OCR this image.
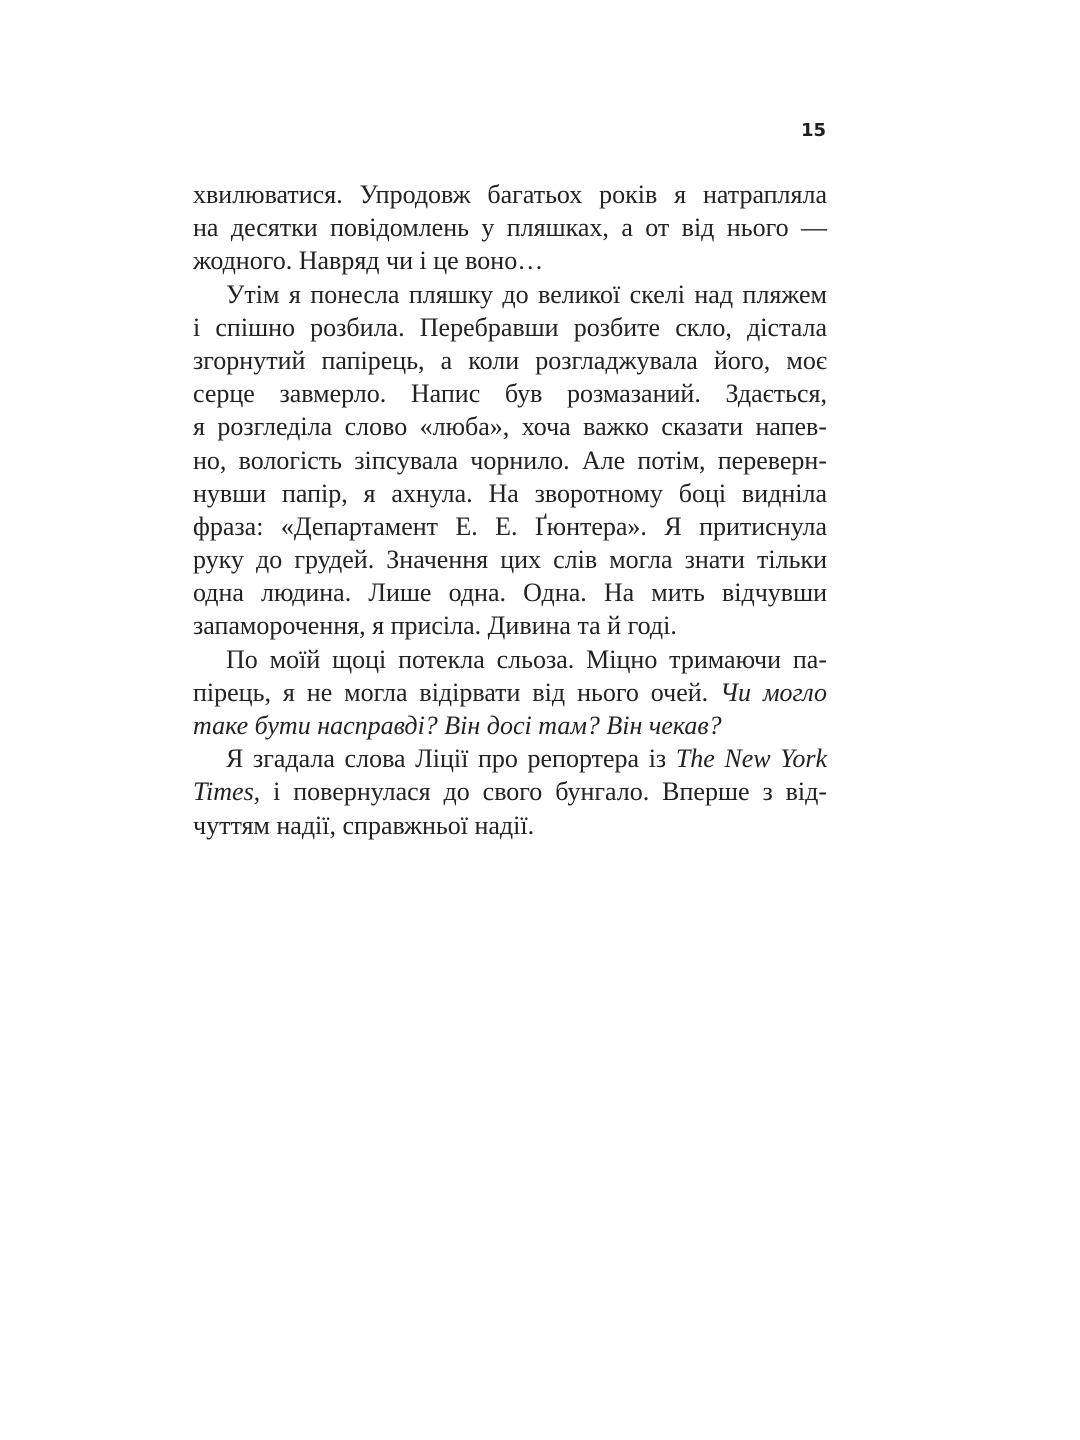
15
хвилюватися. Упродовж багатьох років я натрапляла
на десятки повідомлень у пляшках, а от від нього —
жодного. Навряд чи і це воно…
Утім я понесла пляшку до великої скелі над пляжем
і спішно розбила. Перебравши розбите скло, дістала
згорнутий папірець, а коли розгладжувала його, моє
серце завмерло. Напис був розмазаний. Здається,
я розгледіла слово «люба», хоча важко сказати напев-
но, вологість зіпсувала чорнило. Але потім, переверн-
нувши папір, я ахнула. На зворотному боці видніла
фраза: «Департамент Е. Е. Ґюнтера». Я притиснула
руку до грудей. Значення цих слів могла знати тільки
одна людина. Лише одна. Одна. На мить відчувши
запаморочення, я присіла. Дивина та й годі.
По моїй щоці потекла сльоза. Міцно тримаючи па-
пірець, я не могла відірвати від нього очей. Чи могло
таке бути насправді? Він досі там? Він чекав?
Я згадала слова Ліції про репортера із The New York
Times, і повернулася до свого бунгало. Вперше з від-
чуттям надії, справжньої надії.
